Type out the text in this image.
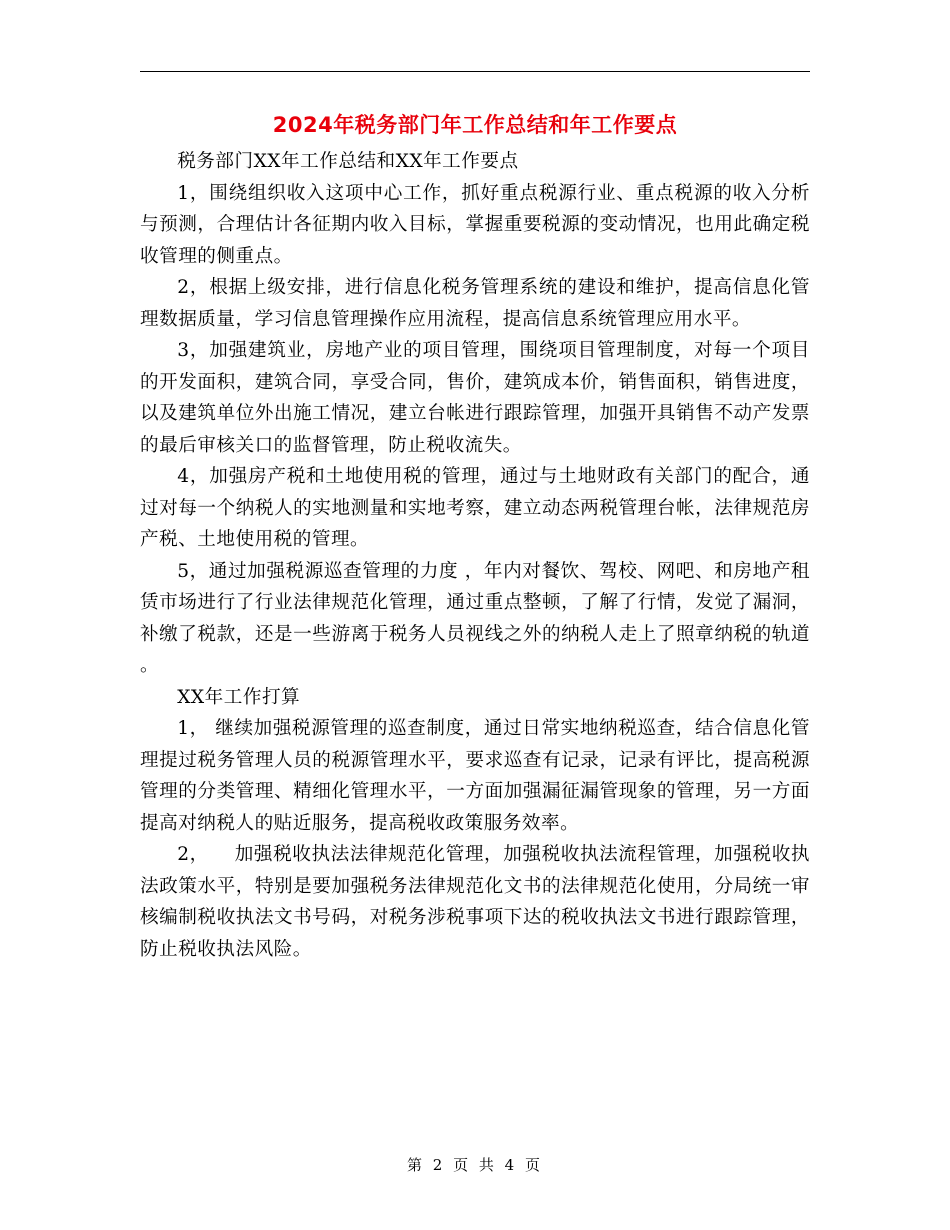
2024年税务部门年工作总结和年工作要点

税务部门XX年工作总结和XX年工作要点

1，围绕组织收入这项中心工作，抓好重点税源行业、重点税源的收入分析与预测，合理估计各征期内收入目标，掌握重要税源的变动情况，也用此确定税收管理的侧重点。

2，根据上级安排，进行信息化税务管理系统的建设和维护，提高信息化管理数据质量，学习信息管理操作应用流程，提高信息系统管理应用水平。

3，加强建筑业，房地产业的项目管理，围绕项目管理制度，对每一个项目的开发面积，建筑合同，享受合同，售价，建筑成本价，销售面积，销售进度，以及建筑单位外出施工情况，建立台帐进行跟踪管理，加强开具销售不动产发票的最后审核关口的监督管理，防止税收流失。

4，加强房产税和土地使用税的管理，通过与土地财政有关部门的配合，通过对每一个纳税人的实地测量和实地考察，建立动态两税管理台帐，法律规范房产税、土地使用税的管理。

5，通过加强税源巡查管理的力度 ，年内对餐饮、驾校、网吧、和房地产租赁市场进行了行业法律规范化管理，通过重点整顿，了解了行情，发觉了漏洞，补缴了税款，还是一些游离于税务人员视线之外的纳税人走上了照章纳税的轨道 。

XX年工作打算

1， 继续加强税源管理的巡查制度，通过日常实地纳税巡查，结合信息化管理提过税务管理人员的税源管理水平，要求巡查有记录，记录有评比，提高税源管理的分类管理、精细化管理水平，一方面加强漏征漏管现象的管理，另一方面提高对纳税人的贴近服务，提高税收政策服务效率。

2，    加强税收执法法律规范化管理，加强税收执法流程管理，加强税收执法政策水平，特别是要加强税务法律规范化文书的法律规范化使用，分局统一审核编制税收执法文书号码，对税务涉税事项下达的税收执法文书进行跟踪管理，防止税收执法风险。

第 2 页 共 4 页
